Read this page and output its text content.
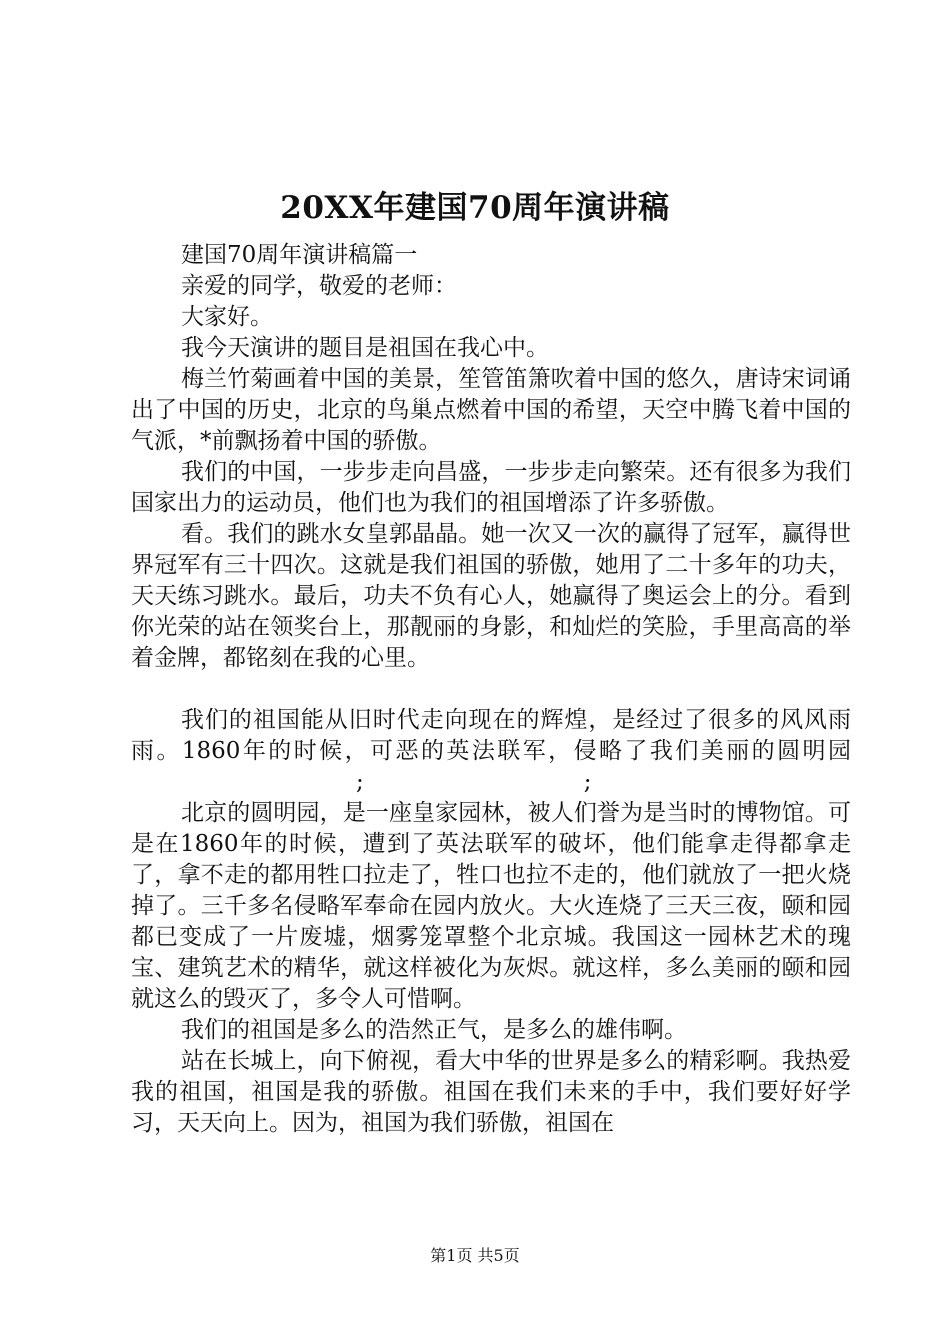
20XX年建国70周年演讲稿

建国70周年演讲稿篇一

亲爱的同学，敬爱的老师：

大家好。

我今天演讲的题目是祖国在我心中。

梅兰竹菊画着中国的美景，笙管笛箫吹着中国的悠久，唐诗宋词诵出了中国的历史，北京的鸟巢点燃着中国的希望，天空中腾飞着中国的气派，*前飘扬着中国的骄傲。

我们的中国，一步步走向昌盛，一步步走向繁荣。还有很多为我们国家出力的运动员，他们也为我们的祖国增添了许多骄傲。

看。我们的跳水女皇郭晶晶。她一次又一次的赢得了冠军，赢得世界冠军有三十四次。这就是我们祖国的骄傲，她用了二十多年的功夫，天天练习跳水。最后，功夫不负有心人，她赢得了奥运会上的分。看到你光荣的站在领奖台上，那靓丽的身影，和灿烂的笑脸，手里高高的举着金牌，都铭刻在我的心里。

我们的祖国能从旧时代走向现在的辉煌，是经过了很多的风风雨雨。1860年的时候，可恶的英法联军，侵略了我们美丽的圆明园;	;

北京的圆明园，是一座皇家园林，被人们誉为是当时的博物馆。可是在1860年的时候，遭到了英法联军的破坏，他们能拿走得都拿走了，拿不走的都用牲口拉走了，牲口也拉不走的，他们就放了一把火烧掉了。三千多名侵略军奉命在园内放火。大火连烧了三天三夜，颐和园都已变成了一片废墟，烟雾笼罩整个北京城。我国这一园林艺术的瑰宝、建筑艺术的精华，就这样被化为灰烬。就这样，多么美丽的颐和园就这么的毁灭了，多令人可惜啊。

我们的祖国是多么的浩然正气，是多么的雄伟啊。

站在长城上，向下俯视，看大中华的世界是多么的精彩啊。我热爱我的祖国，祖国是我的骄傲。祖国在我们未来的手中，我们要好好学习，天天向上。因为，祖国为我们骄傲，祖国在

第1页 共5页
